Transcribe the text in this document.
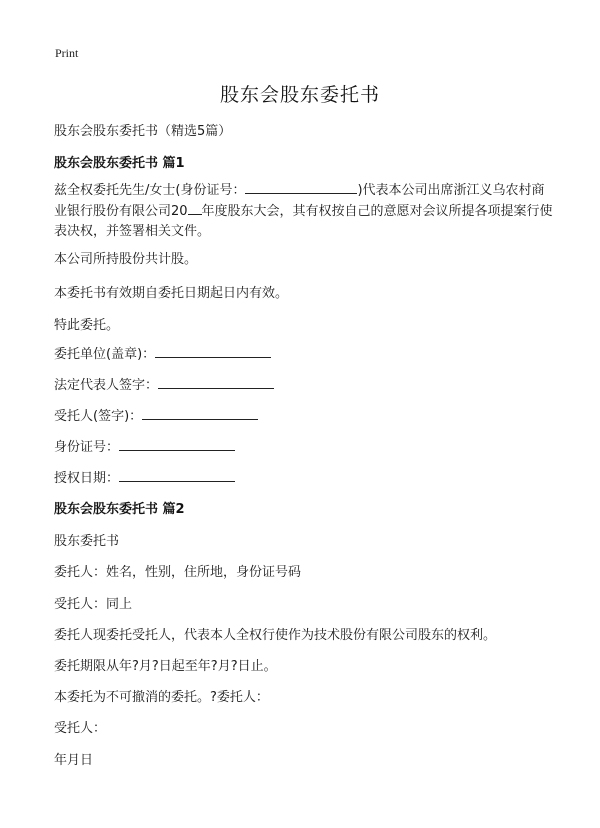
Print
股东会股东委托书
股东会股东委托书（精选5篇）
股东会股东委托书 篇1
兹全权委托先生/女士(身份证号：	)代表本公司出席浙江义乌农村商业银行股份有限公司20 年度股东大会，其有权按自己的意愿对会议所提各项提案行使表决权，并签署相关文件。
本公司所持股份共计股。
本委托书有效期自委托日期起日内有效。
特此委托。
委托单位(盖章)：
法定代表人签字：
受托人(签字)：
身份证号：
授权日期：
股东会股东委托书 篇2
股东委托书
委托人：姓名，性别，住所地，身份证号码
受托人：同上
委托人现委托受托人，代表本人全权行使作为技术股份有限公司股东的权利。
委托期限从年?月?日起至年?月?日止。
本委托为不可撤消的委托。?委托人：
受托人：
年月日
